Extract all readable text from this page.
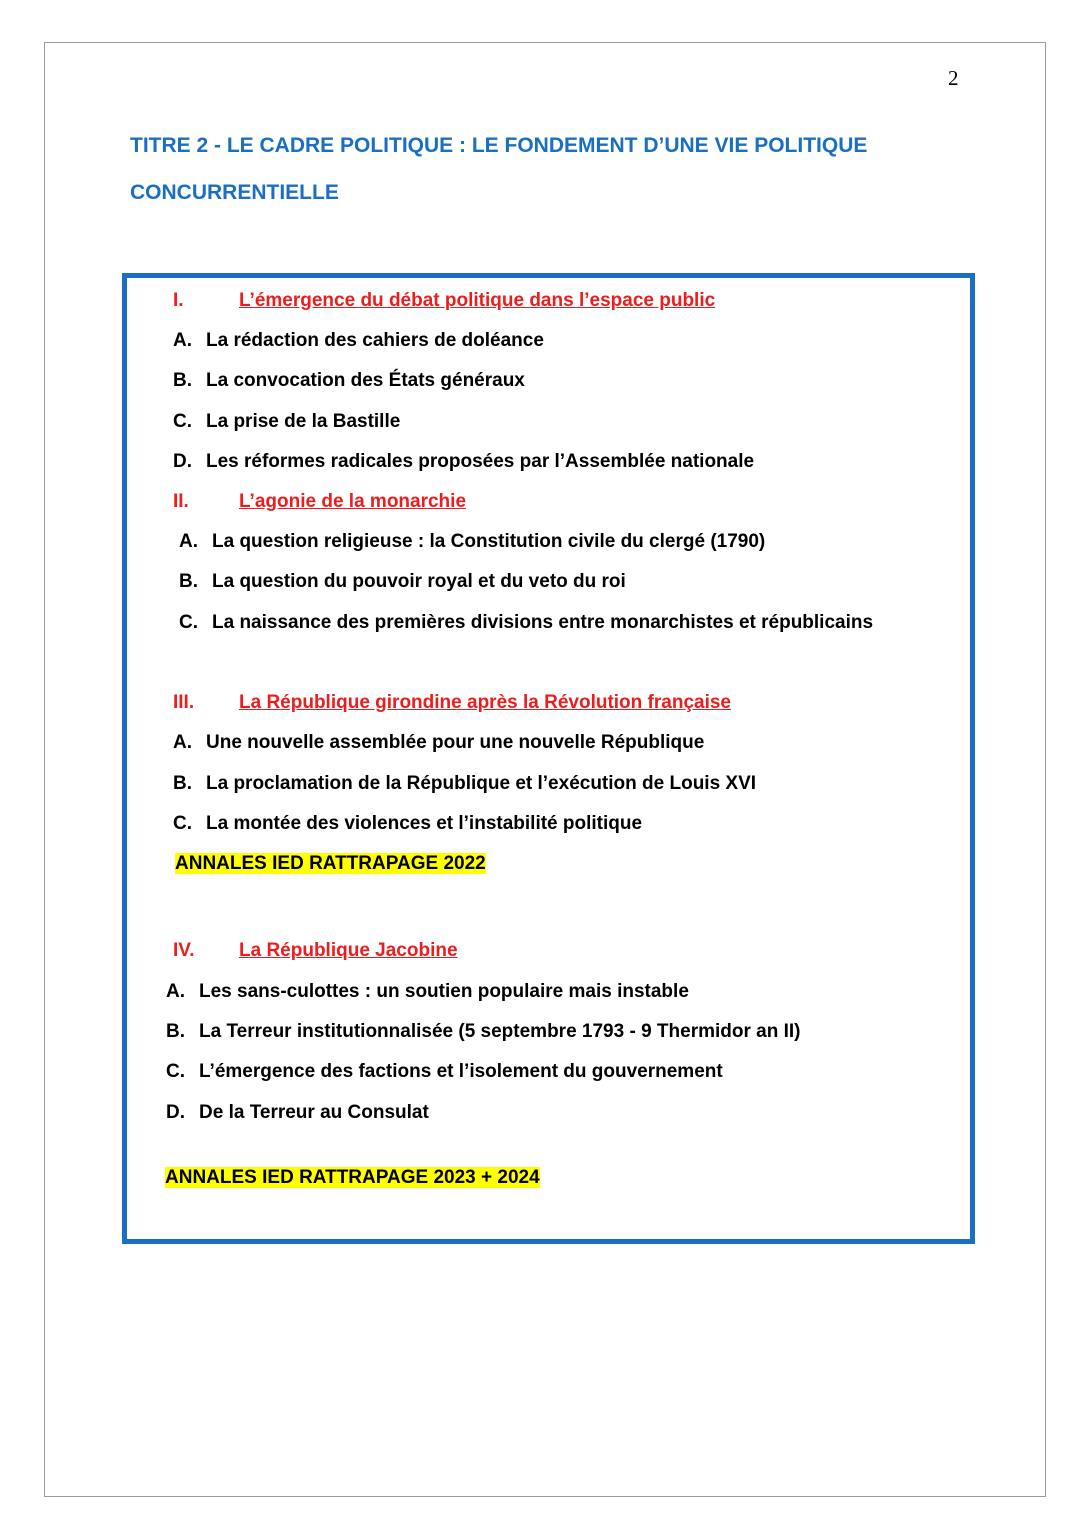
2
TITRE 2 - LE CADRE POLITIQUE : LE FONDEMENT D’UNE VIE POLITIQUE
CONCURRENTIELLE
I.	L’émergence du débat politique dans l’espace public
A. La rédaction des cahiers de doléance
B. La convocation des États généraux
C. La prise de la Bastille
D. Les réformes radicales proposées par l’Assemblée nationale
II.	L’agonie de la monarchie
A. La question religieuse : la Constitution civile du clergé (1790)
B. La question du pouvoir royal et du veto du roi
C. La naissance des premières divisions entre monarchistes et républicains
III. La République girondine après la Révolution française
A. Une nouvelle assemblée pour une nouvelle République
B. La proclamation de la République et l’exécution de Louis XVI
C. La montée des violences et l’instabilité politique
ANNALES IED RATTRAPAGE 2022
IV. La République Jacobine
A. Les sans-culottes : un soutien populaire mais instable
B. La Terreur institutionnalisée (5 septembre 1793 - 9 Thermidor an II)
C. L’émergence des factions et l’isolement du gouvernement
D. De la Terreur au Consulat
ANNALES IED RATTRAPAGE 2023 + 2024
